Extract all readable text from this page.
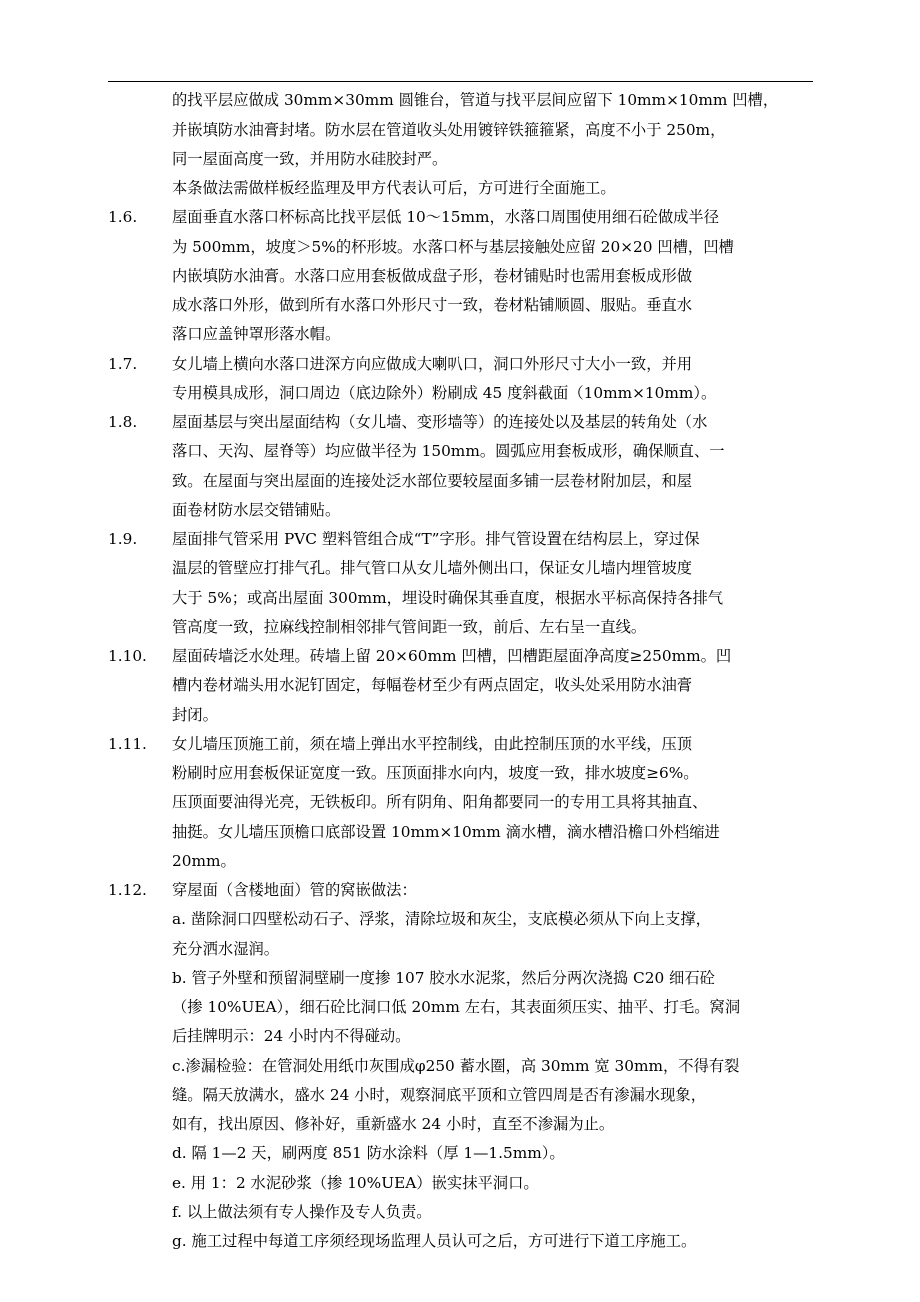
的找平层应做成 30mm×30mm 圆锥台，管道与找平层间应留下 10mm×10mm 凹槽，
并嵌填防水油膏封堵。防水层在管道收头处用镀锌铁箍箍紧，高度不小于 250m，
同一屋面高度一致，并用防水硅胶封严。
本条做法需做样板经监理及甲方代表认可后，方可进行全面施工。
1.6. 屋面垂直水落口杯标高比找平层低 10～15mm，水落口周围使用细石砼做成半径
为 500mm，坡度＞5%的杯形坡。水落口杯与基层接触处应留 20×20 凹槽，凹槽
内嵌填防水油膏。水落口应用套板做成盘子形，卷材铺贴时也需用套板成形做
成水落口外形，做到所有水落口外形尺寸一致，卷材粘铺顺圆、服贴。垂直水
落口应盖钟罩形落水帽。
1.7. 女儿墙上横向水落口进深方向应做成大喇叭口，洞口外形尺寸大小一致，并用
专用模具成形，洞口周边（底边除外）粉刷成 45 度斜截面（10mm×10mm）。
1.8. 屋面基层与突出屋面结构（女儿墙、变形墙等）的连接处以及基层的转角处（水
落口、天沟、屋脊等）均应做半径为 150mm。圆弧应用套板成形，确保顺直、一
致。在屋面与突出屋面的连接处泛水部位要较屋面多铺一层卷材附加层，和屋
面卷材防水层交错铺贴。
1.9. 屋面排气管采用 PVC 塑料管组合成“T”字形。排气管设置在结构层上，穿过保
温层的管壁应打排气孔。排气管口从女儿墙外侧出口，保证女儿墙内埋管坡度
大于 5%；或高出屋面 300mm，埋设时确保其垂直度，根据水平标高保持各排气
管高度一致，拉麻线控制相邻排气管间距一致，前后、左右呈一直线。
1.10. 屋面砖墙泛水处理。砖墙上留 20×60mm 凹槽，凹槽距屋面净高度≥250mm。凹
槽内卷材端头用水泥钉固定，每幅卷材至少有两点固定，收头处采用防水油膏
封闭。
1.11. 女儿墙压顶施工前，须在墙上弹出水平控制线，由此控制压顶的水平线，压顶
粉刷时应用套板保证宽度一致。压顶面排水向内，坡度一致，排水坡度≥6%。
压顶面要油得光亮，无铁板印。所有阴角、阳角都要同一的专用工具将其抽直、
抽挺。女儿墙压顶檐口底部设置 10mm×10mm 滴水槽，滴水槽沿檐口外档缩进
20mm。
1.12. 穿屋面（含楼地面）管的窝嵌做法：
a. 凿除洞口四壁松动石子、浮浆，清除垃圾和灰尘，支底模必须从下向上支撑，
充分洒水湿润。
b. 管子外壁和预留洞壁刷一度掺 107 胶水水泥浆，然后分两次浇捣 C20 细石砼
（掺 10%UEA），细石砼比洞口低 20mm 左右，其表面须压实、抽平、打毛。窝洞
后挂牌明示：24 小时内不得碰动。
c.渗漏检验：在管洞处用纸巾灰围成φ250 蓄水圈，高 30mm 宽 30mm，不得有裂
缝。隔天放满水，盛水 24 小时，观察洞底平顶和立管四周是否有渗漏水现象，
如有，找出原因、修补好，重新盛水 24 小时，直至不渗漏为止。
d. 隔 1—2 天，刷两度 851 防水涂料（厚 1—1.5mm）。
e. 用 1：2 水泥砂浆（掺 10%UEA）嵌实抹平洞口。
f. 以上做法须有专人操作及专人负责。
g. 施工过程中每道工序须经现场监理人员认可之后，方可进行下道工序施工。
